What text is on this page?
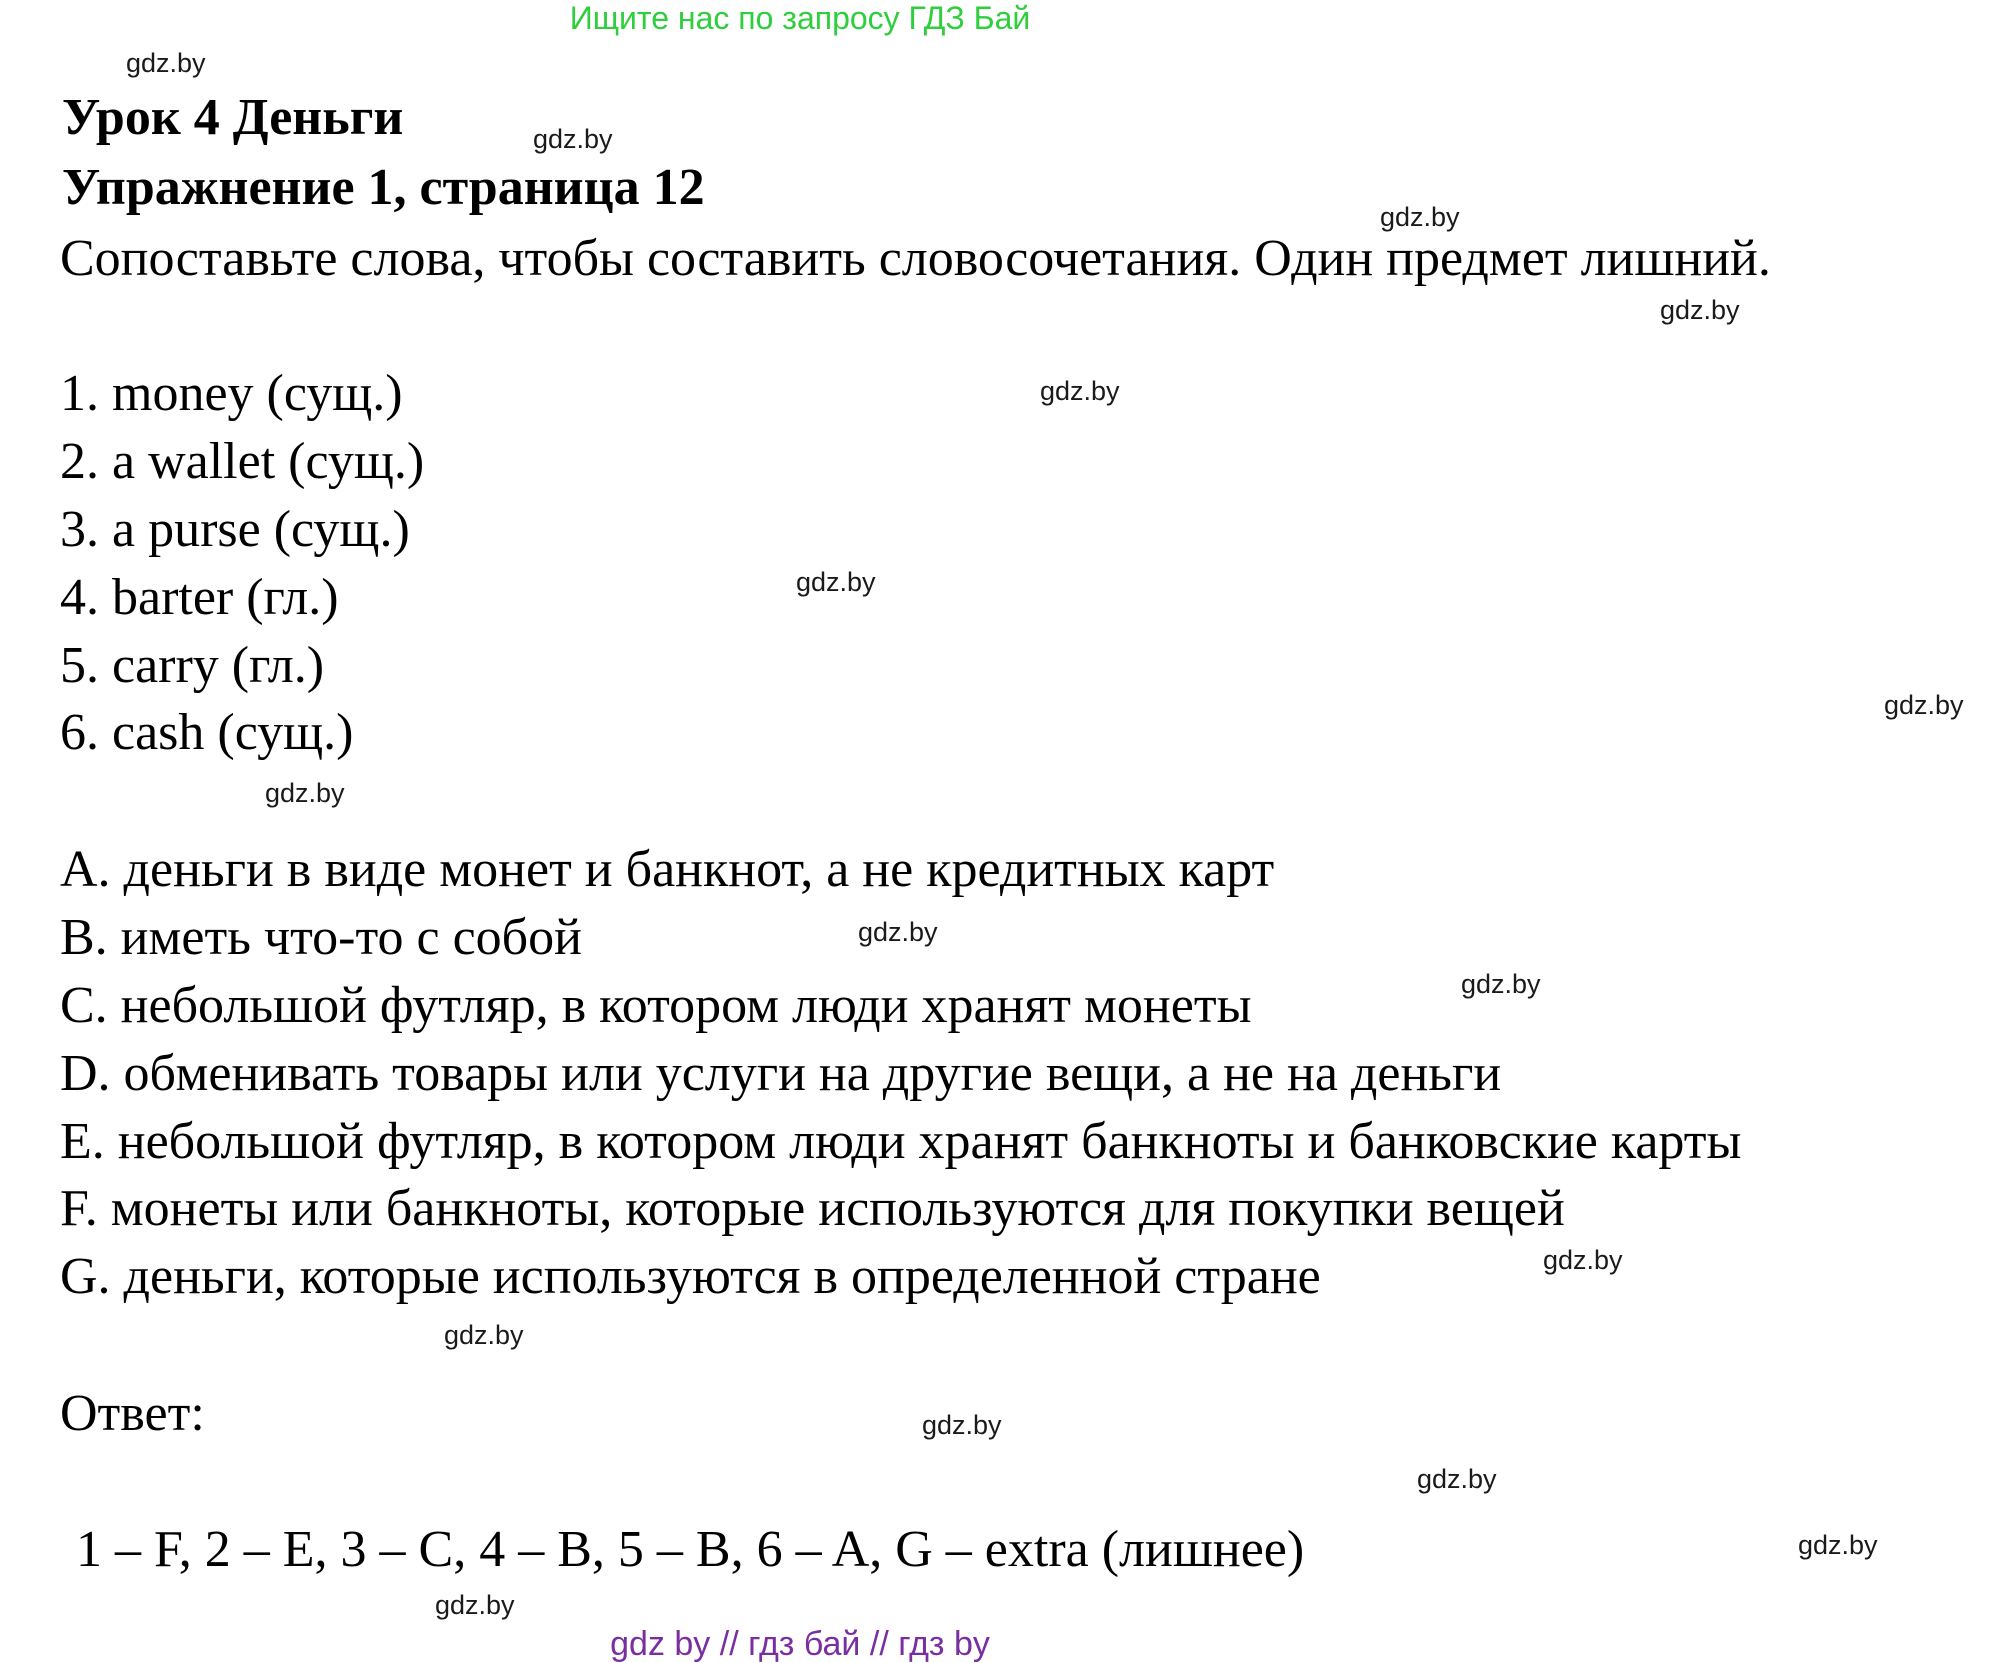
Ищите нас по запросу ГДЗ Бай
Урок 4 Деньги
Упражнение 1, страница 12
Сопоставьте слова, чтобы составить словосочетания. Один предмет лишний.
1. money (сущ.)
2. a wallet (сущ.)
3. a purse (сущ.)
4. barter (гл.)
5. carry (гл.)
6. cash (сущ.)
A. деньги в виде монет и банкнот, а не кредитных карт
B. иметь что-то с собой
C. небольшой футляр, в котором люди хранят монеты
D. обменивать товары или услуги на другие вещи, а не на деньги
E. небольшой футляр, в котором люди хранят банкноты и банковские карты
F. монеты или банкноты, которые используются для покупки вещей
G. деньги, которые используются в определенной стране
Ответ:
1 – F, 2 – E, 3 – C, 4 – B, 5 – B, 6 – A, G – extra (лишнее)
gdz.by
gdz.by
gdz.by
gdz.by
gdz.by
gdz.by
gdz.by
gdz.by
gdz.by
gdz.by
gdz.by
gdz.by
gdz.by
gdz.by
gdz.by
gdz.by
gdz by // гдз бай // гдз by
